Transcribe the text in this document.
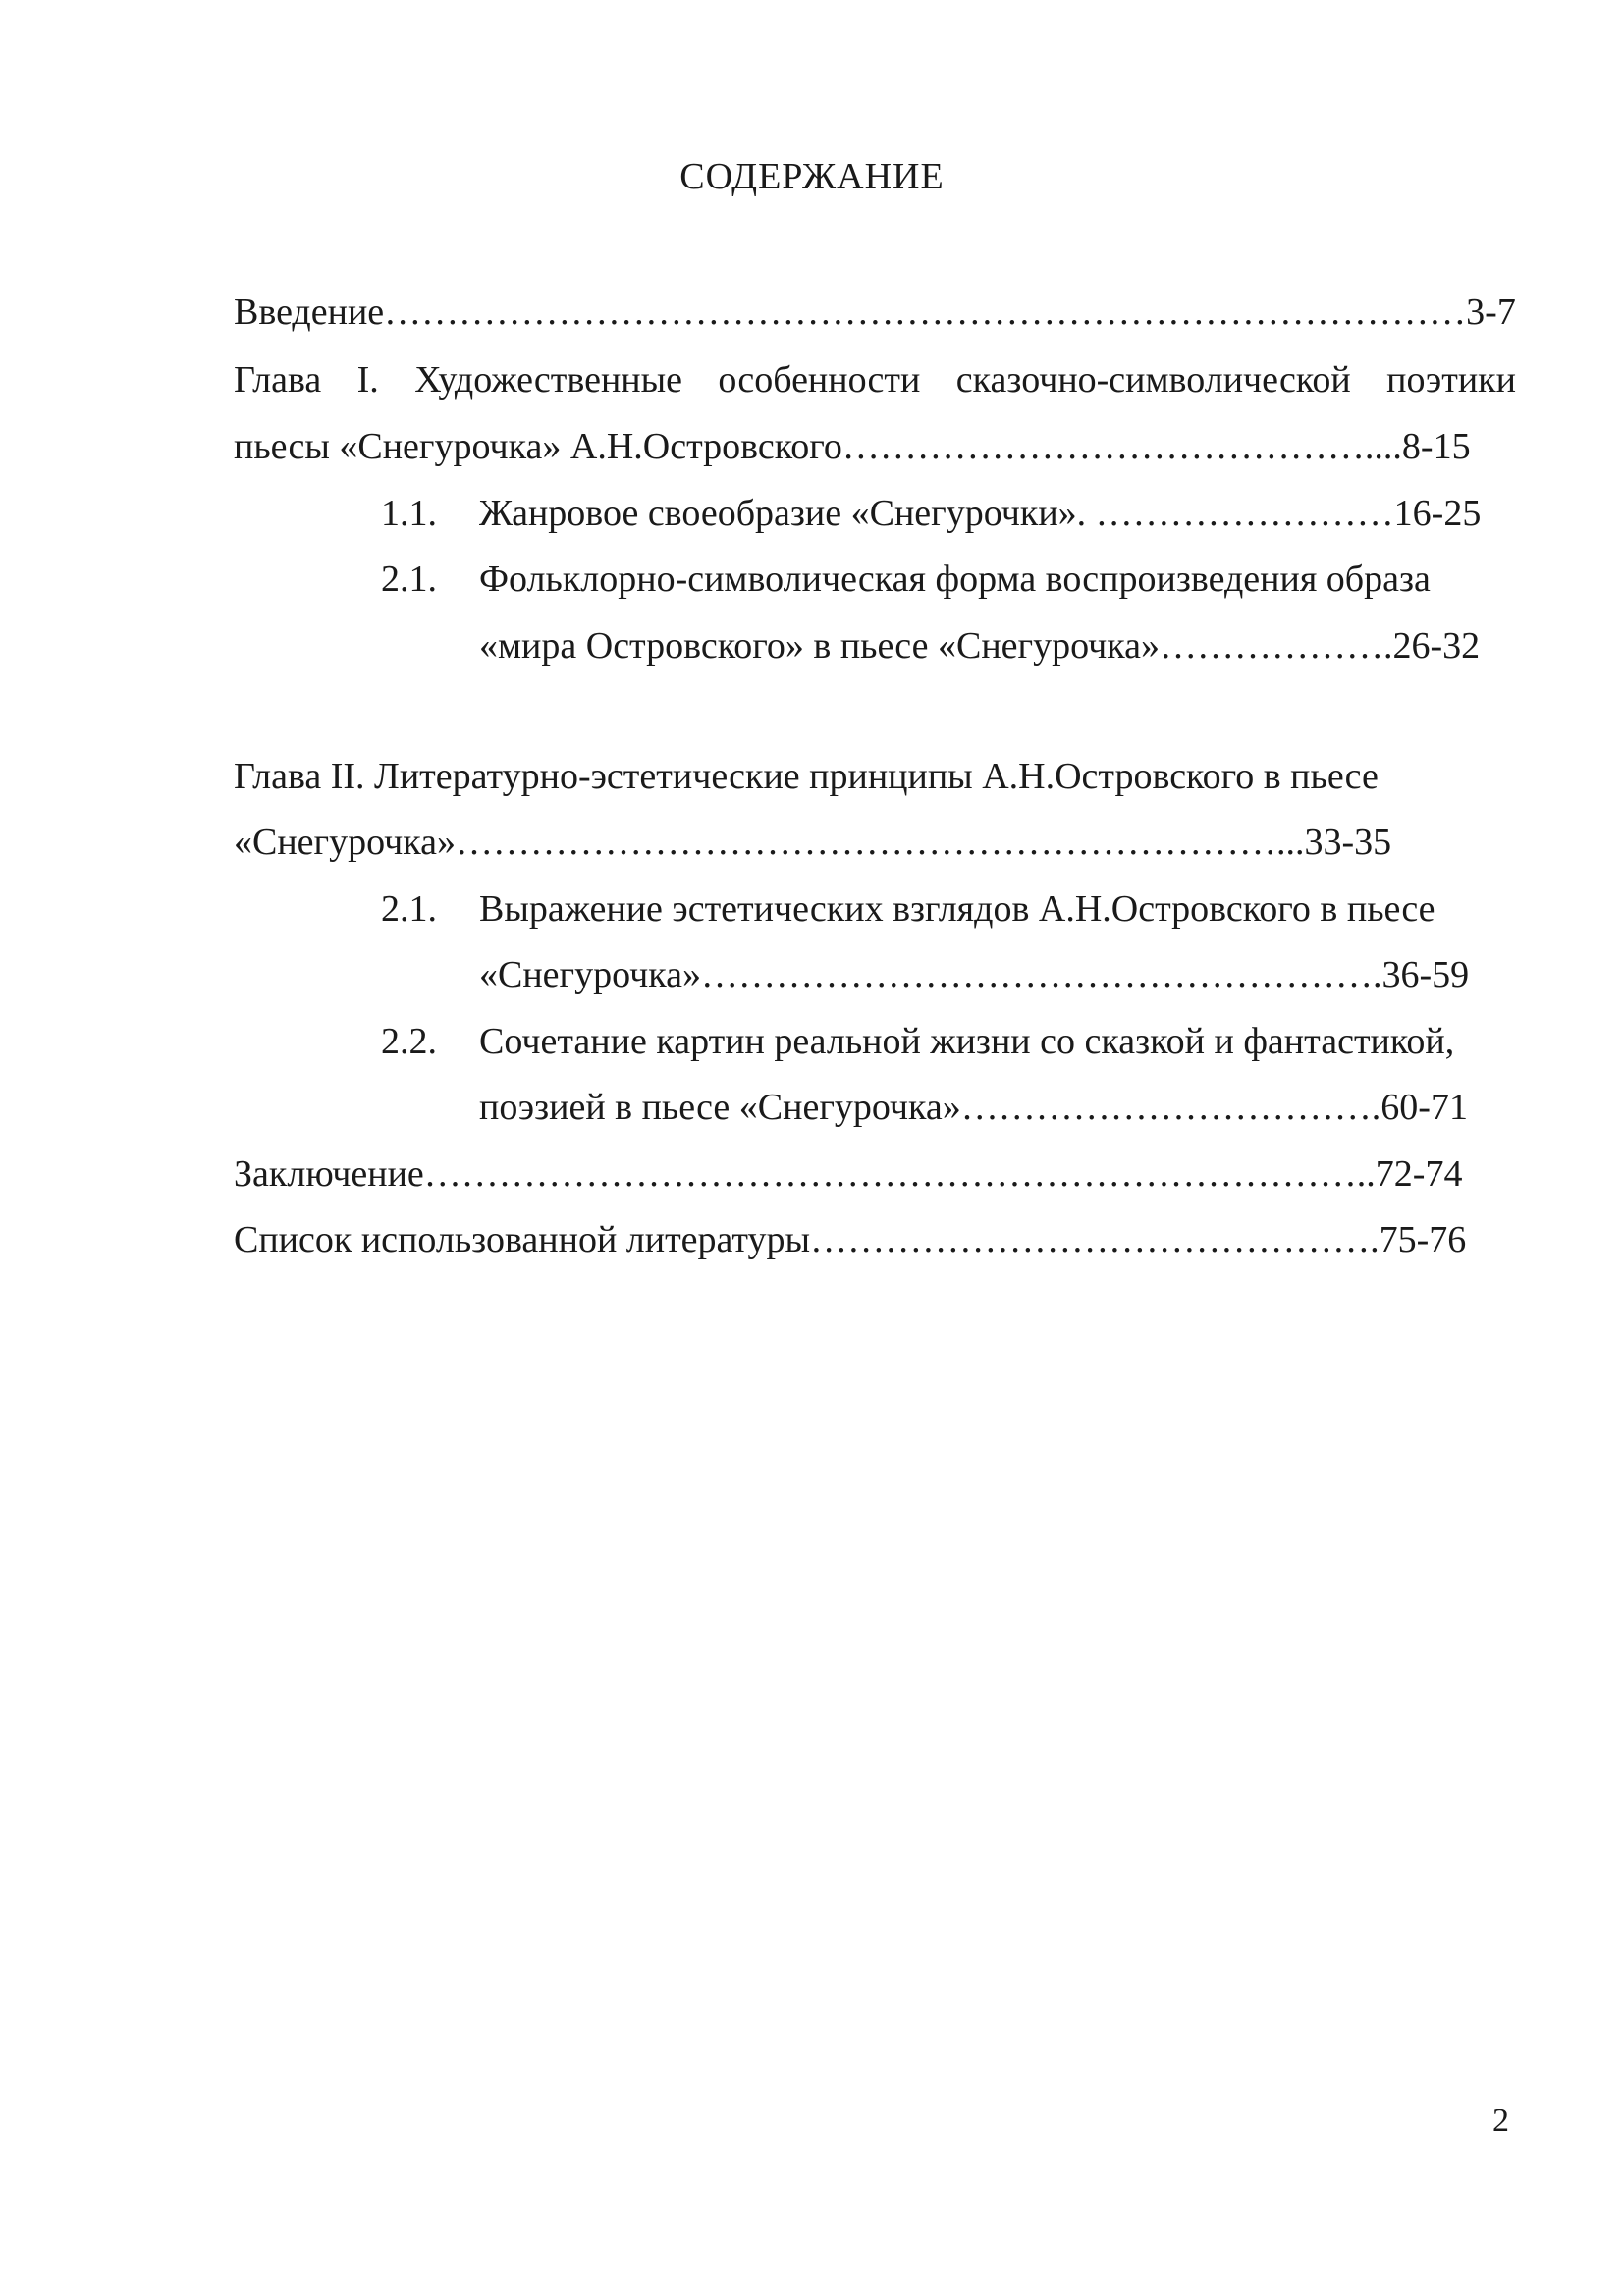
СОДЕРЖАНИЕ
Введение……………………………………………………………………………3-7
Глава I. Художественные особенности сказочно-символической поэтики
пьесы «Снегурочка» А.Н.Островского……………………………………....8-15
1.1. Жанровое своеобразие «Снегурочки». ……………………16-25
2.1. Фольклорно-символическая форма воспроизведения образа
«мира Островского» в пьесе «Снегурочка»……………….26-32
Глава II. Литературно-эстетические принципы А.Н.Островского в пьесе
«Снегурочка»…………………………………………………………...33-35
2.1. Выражение эстетических взглядов А.Н.Островского в пьесе
«Снегурочка»……………………………………………….36-59
2.2. Сочетание картин реальной жизни со сказкой и фантастикой,
поэзией в пьесе «Снегурочка»…………………………….60-71
Заключение…………………………………………………………………..72-74
Список использованной литературы……………………………………….75-76
2
